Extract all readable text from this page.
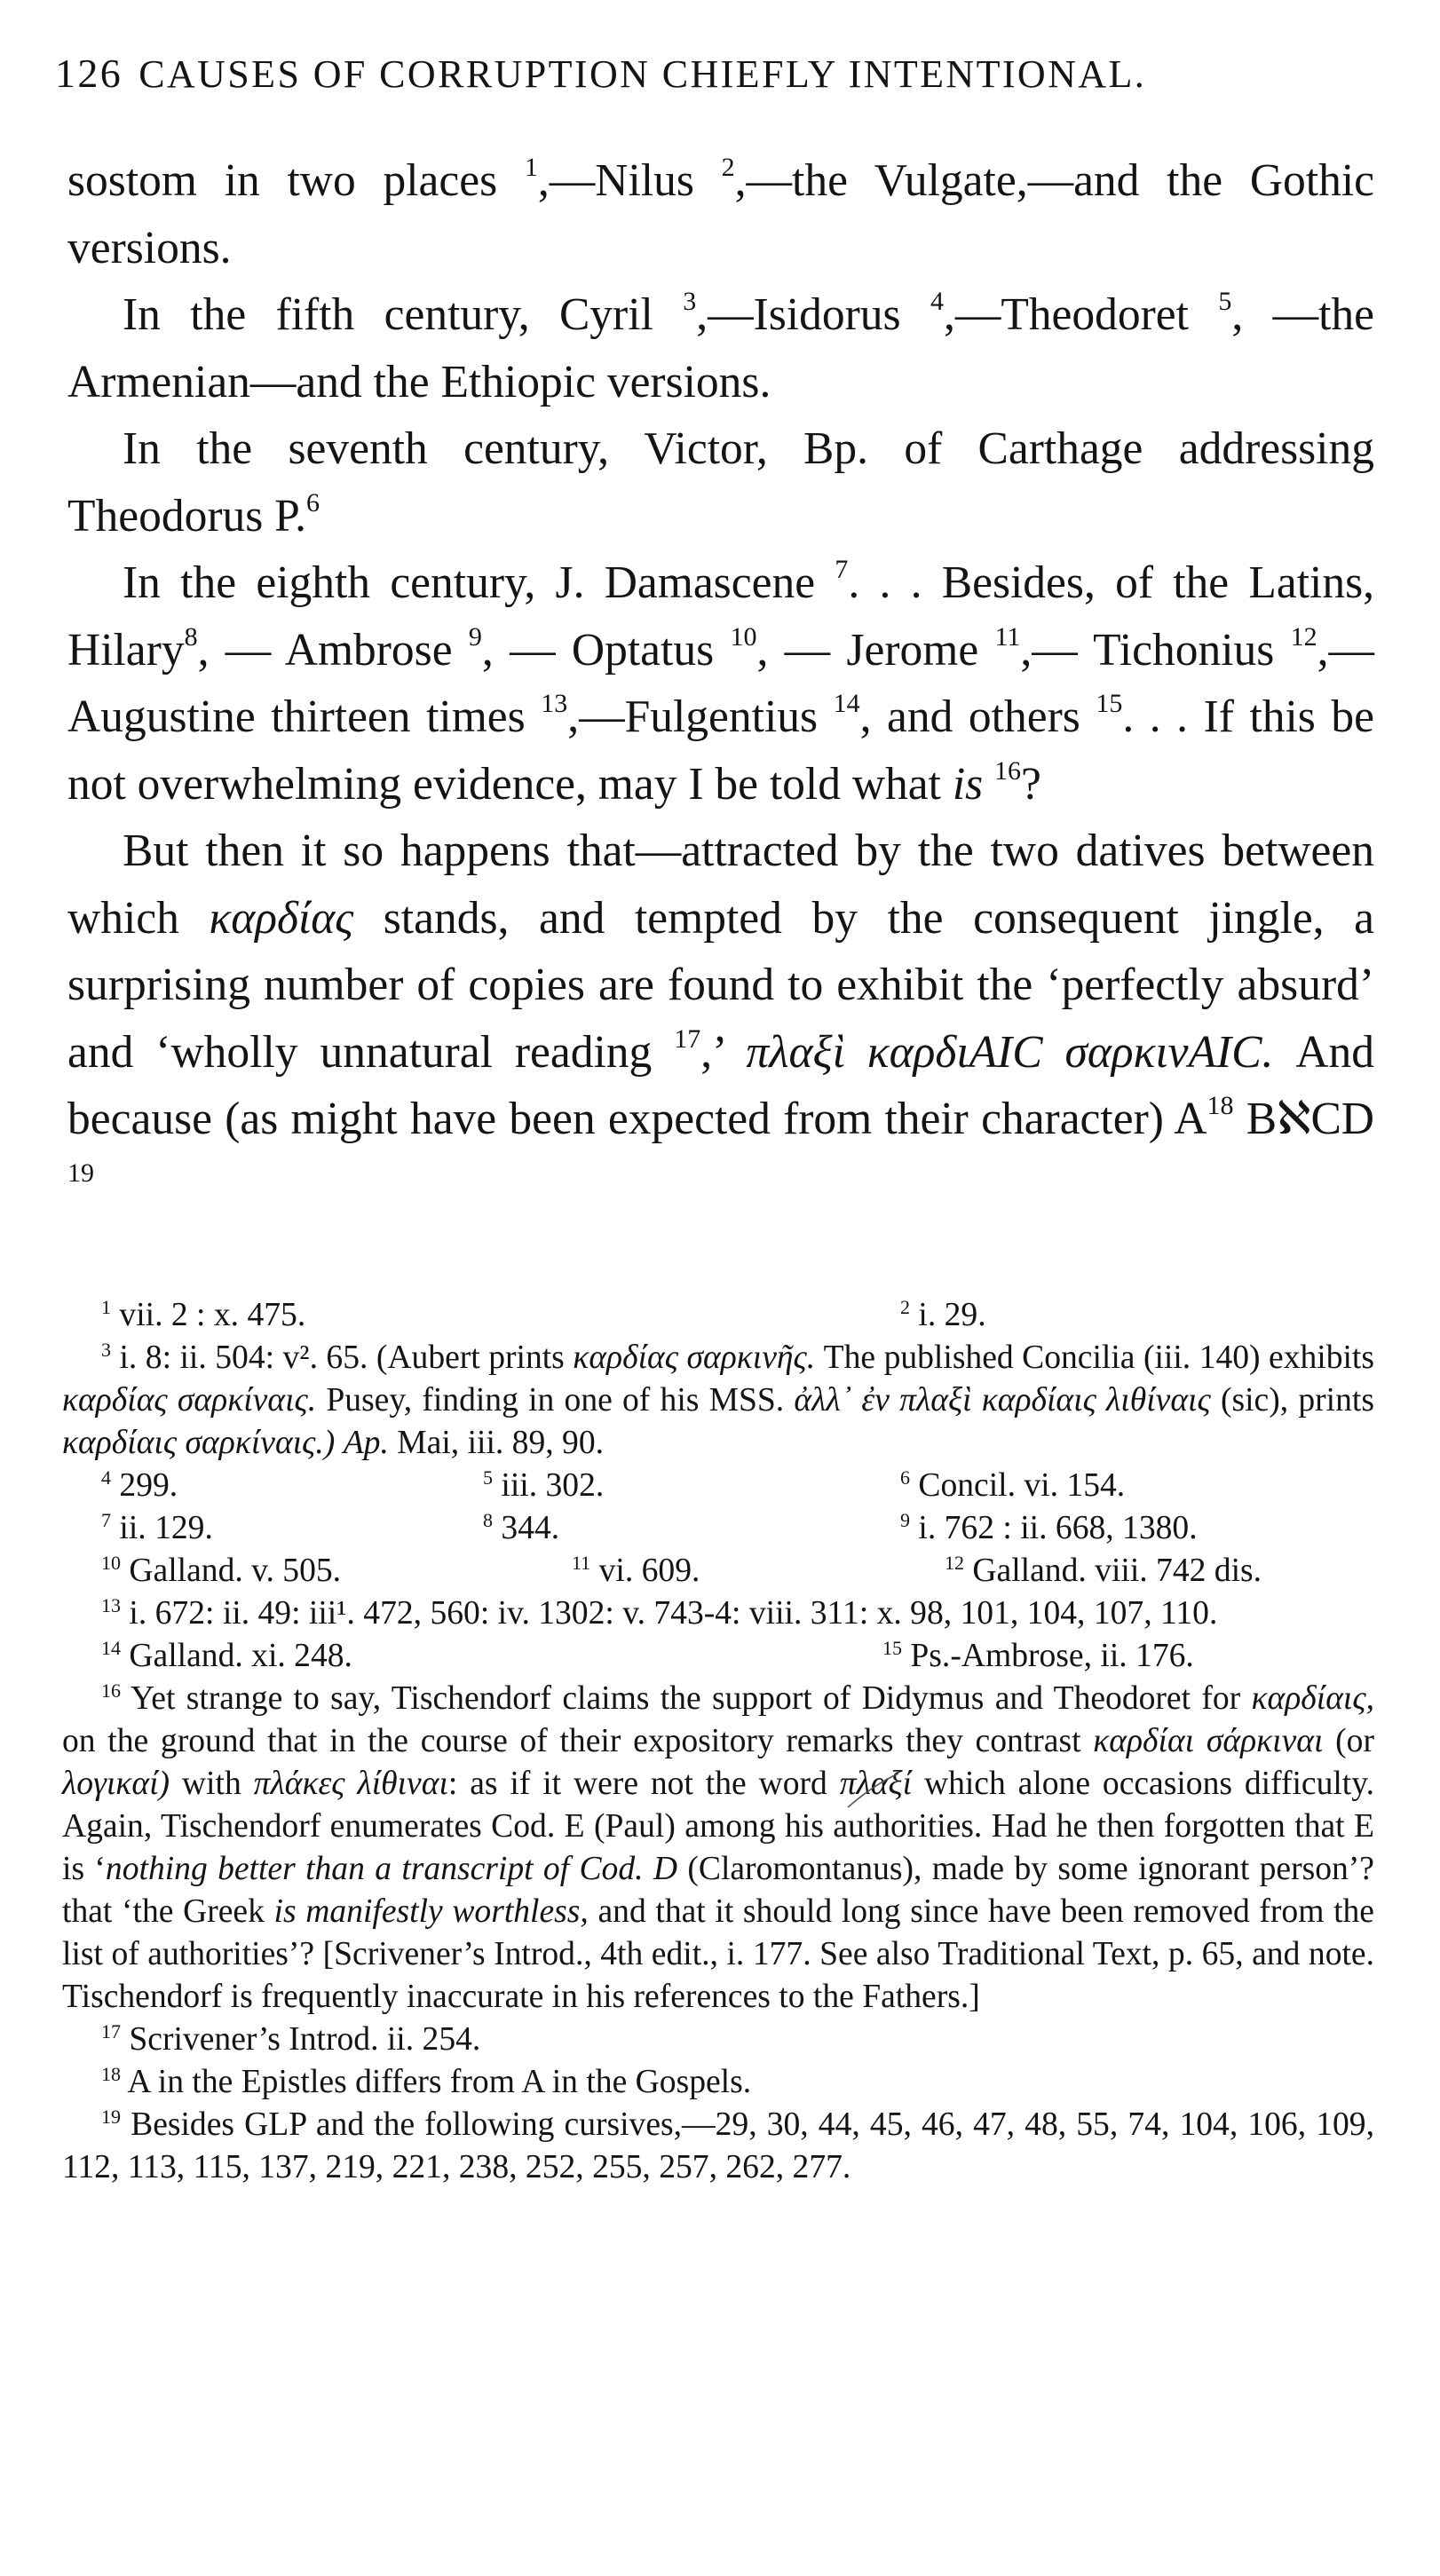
126 CAUSES OF CORRUPTION CHIEFLY INTENTIONAL.

sostom in two places $^1$,—Nilus $^2$,—the Vulgate,—and the Gothic versions.

In the fifth century, Cyril $^3$,—Isidorus $^4$,—Theodoret $^5$, —the Armenian—and the Ethiopic versions.

In the seventh century, Victor, Bp. of Carthage addressing Theodorus P.$^6$

In the eighth century, J. Damascene $^7$. . . Besides, of the Latins, Hilary$^8$, — Ambrose $^9$, — Optatus $^{10}$, — Jerome $^{11}$,— Tichonius $^{12}$,—Augustine thirteen times $^{13}$,—Fulgentius $^{14}$, and others $^{15}$. . . If this be not overwhelming evidence, may I be told what is $^{16}$?

But then it so happens that—attracted by the two datives between which καρδίας stands, and tempted by the consequent jingle, a surprising number of copies are found to exhibit the ‘perfectly absurd’ and ‘wholly unnatural reading $^{17}$,’ πλαξὶ καρδιΑΙϹ σαρκινΑΙϹ. And because (as might have been expected from their character) $A^{18}$ BℵCD $^{19}$

$^1$ vii. 2 : x. 475.	$^2$ i. 29.

$^3$ i. 8: ii. 504: v². 65. (Aubert prints καρδίας σαρκινῆς. The published Concilia (iii. 140) exhibits καρδίας σαρκίναις. Pusey, finding in one of his MSS. ἀλλ᾽ ἐν πλαξὶ καρδίαις λιθίναις (sic), prints καρδίαις σαρκίναις.) Ap. Mai, iii. 89, 90.

$^4$ 299.	$^5$ iii. 302.	$^6$ Concil. vi. 154.
$^7$ ii. 129.	$^8$ 344.	$^9$ i. 762 : ii. 668, 1380.
$^{10}$ Galland. v. 505.	$^{11}$ vi. 609.	$^{12}$ Galland. viii. 742 dis.

$^{13}$ i. 672: ii. 49: iii¹. 472, 560: iv. 1302: v. 743-4: viii. 311: x. 98, 101, 104, 107, 110.

$^{14}$ Galland. xi. 248.	$^{15}$ Ps.-Ambrose, ii. 176.

$^{16}$ Yet strange to say, Tischendorf claims the support of Didymus and Theodoret for καρδίαις, on the ground that in the course of their expository remarks they contrast καρδίαι σάρκιναι (or λογικαί) with πλάκες λίθιναι: as if it were not the word πλαξί which alone occasions difficulty. Again, Tischendorf enumerates Cod. E (Paul) among his authorities. Had he then forgotten that E is ‘nothing better than a transcript of Cod. D (Claromontanus), made by some ignorant person’? that ‘the Greek is manifestly worthless, and that it should long since have been removed from the list of authorities’? [Scrivener’s Introd., 4th edit., i. 177. See also Traditional Text, p. 65, and note. Tischendorf is frequently inaccurate in his references to the Fathers.]

$^{17}$ Scrivener’s Introd. ii. 254.

$^{18}$ A in the Epistles differs from A in the Gospels.

$^{19}$ Besides GLP and the following cursives,—29, 30, 44, 45, 46, 47, 48, 55, 74, 104, 106, 109, 112, 113, 115, 137, 219, 221, 238, 252, 255, 257, 262, 277.
